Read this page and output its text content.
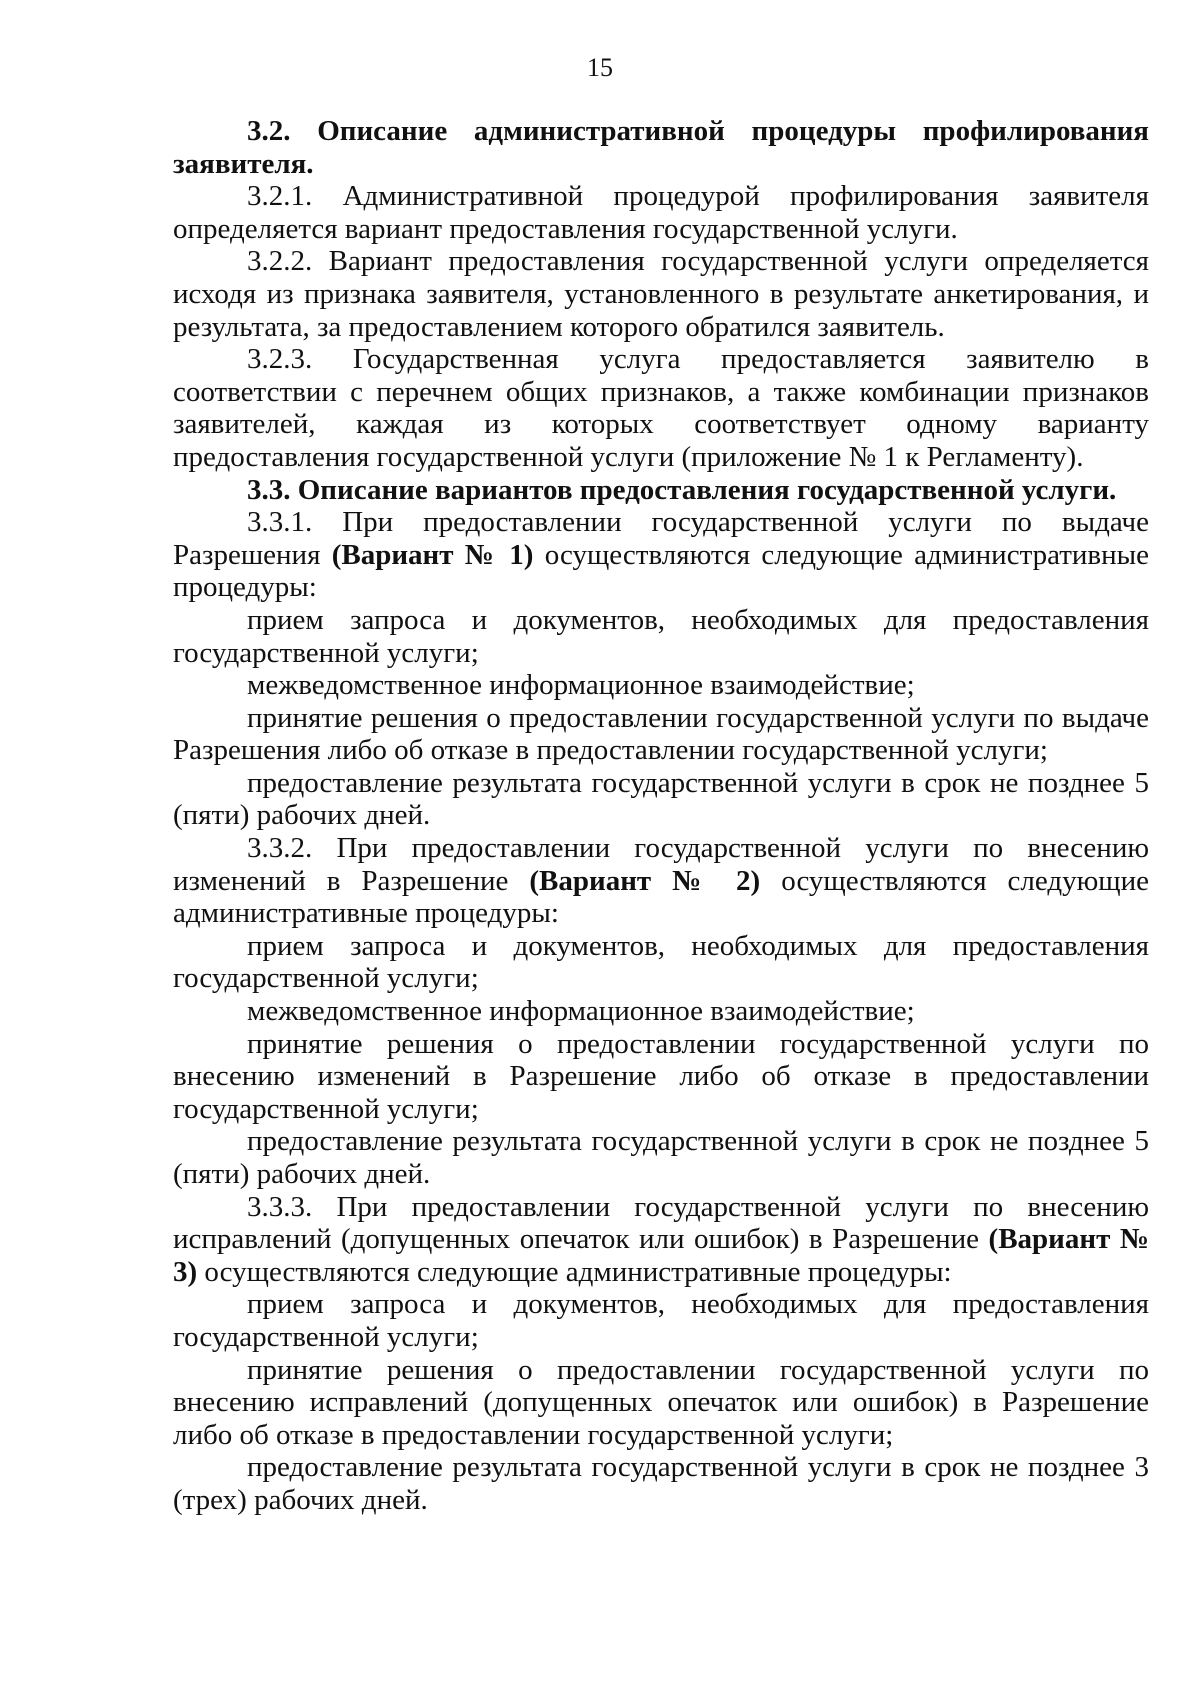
15

3.2. Описание административной процедуры профилирования заявителя.

3.2.1. Административной процедурой профилирования заявителя определяется вариант предоставления государственной услуги.

3.2.2. Вариант предоставления государственной услуги определяется исходя из признака заявителя, установленного в результате анкетирования, и результата, за предоставлением которого обратился заявитель.

3.2.3. Государственная услуга предоставляется заявителю в соответствии с перечнем общих признаков, а также комбинации признаков заявителей, каждая из которых соответствует одному варианту предоставления государственной услуги (приложение № 1 к Регламенту).

3.3. Описание вариантов предоставления государственной услуги.

3.3.1. При предоставлении государственной услуги по выдаче Разрешения (Вариант № 1) осуществляются следующие административные процедуры:

прием запроса и документов, необходимых для предоставления государственной услуги;

межведомственное информационное взаимодействие;

принятие решения о предоставлении государственной услуги по выдаче Разрешения либо об отказе в предоставлении государственной услуги;

предоставление результата государственной услуги в срок не позднее 5 (пяти) рабочих дней.

3.3.2. При предоставлении государственной услуги по внесению изменений в Разрешение (Вариант № 2) осуществляются следующие административные процедуры:

прием запроса и документов, необходимых для предоставления государственной услуги;

межведомственное информационное взаимодействие;

принятие решения о предоставлении государственной услуги по внесению изменений в Разрешение либо об отказе в предоставлении государственной услуги;

предоставление результата государственной услуги в срок не позднее 5 (пяти) рабочих дней.

3.3.3. При предоставлении государственной услуги по внесению исправлений (допущенных опечаток или ошибок) в Разрешение (Вариант № 3) осуществляются следующие административные процедуры:

прием запроса и документов, необходимых для предоставления государственной услуги;

принятие решения о предоставлении государственной услуги по внесению исправлений (допущенных опечаток или ошибок) в Разрешение либо об отказе в предоставлении государственной услуги;

предоставление результата государственной услуги в срок не позднее 3 (трех) рабочих дней.
